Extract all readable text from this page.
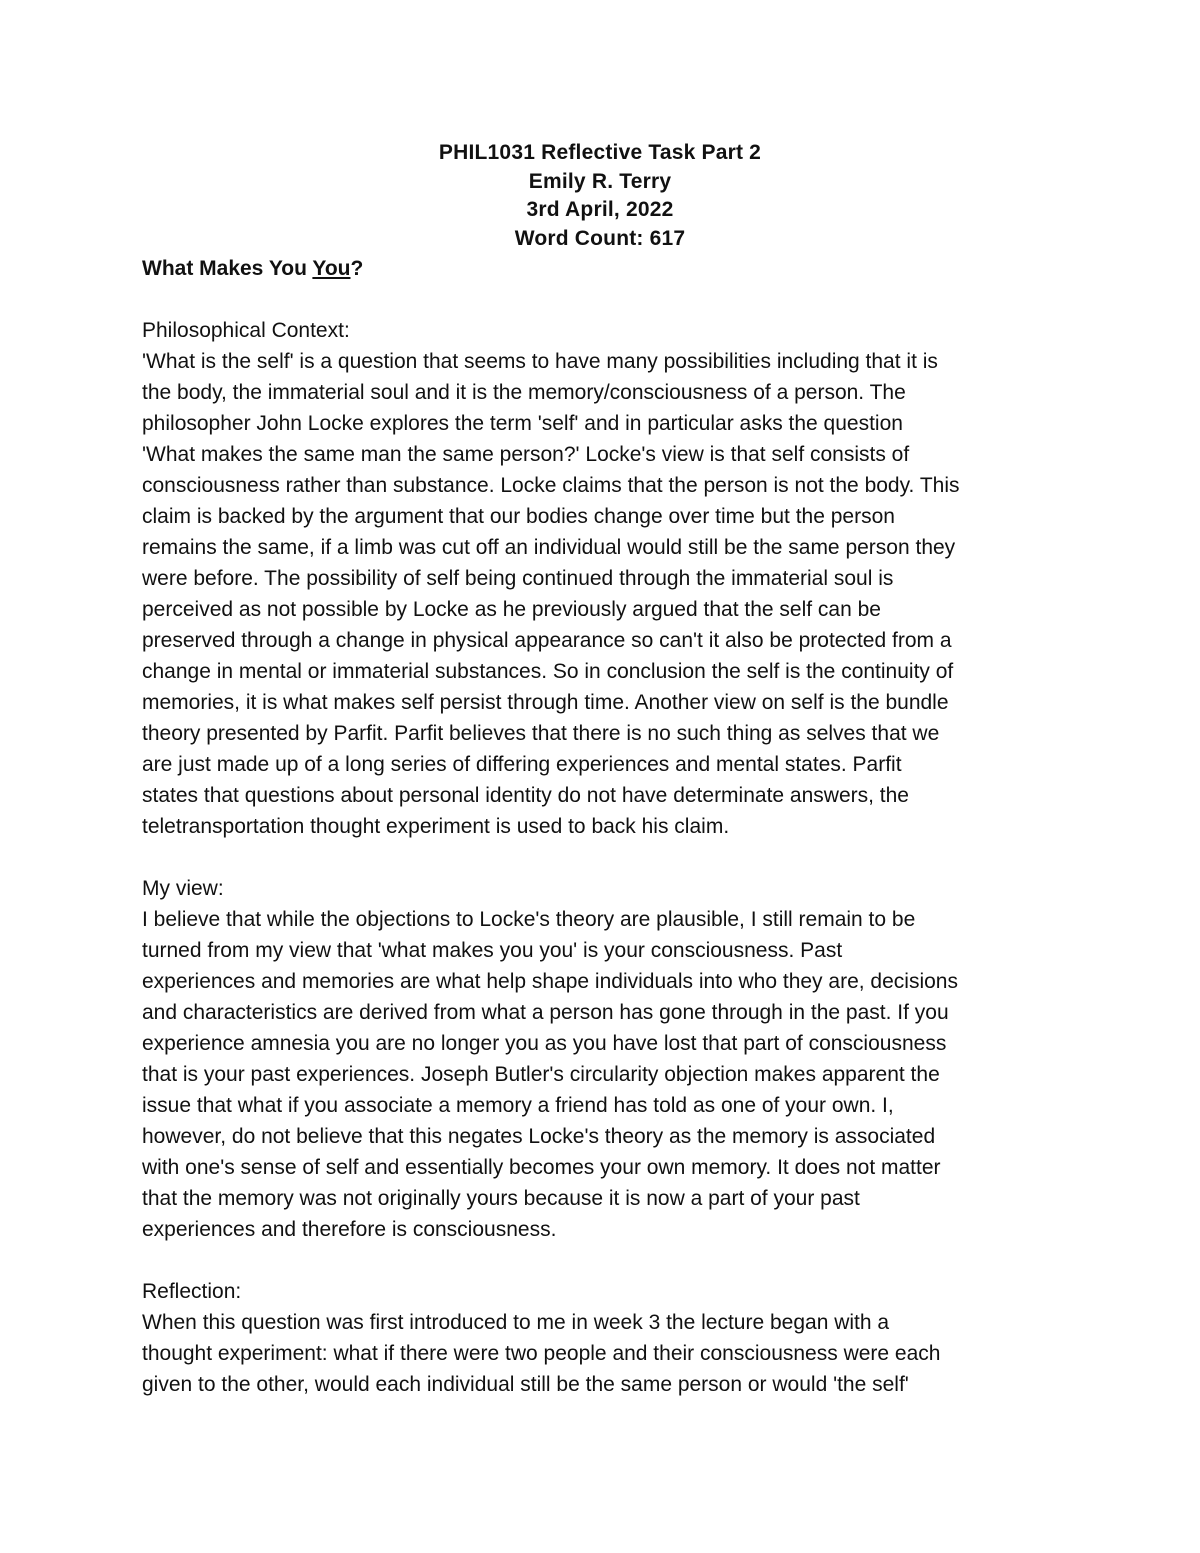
PHIL1031 Reflective Task Part 2
Emily R. Terry
3rd April, 2022
Word Count: 617
What Makes You You?
Philosophical Context:
'What is the self' is a question that seems to have many possibilities including that it is
the body, the immaterial soul and it is the memory/consciousness of a person. The
philosopher John Locke explores the term 'self' and in particular asks the question
'What makes the same man the same person?' Locke's view is that self consists of
consciousness rather than substance. Locke claims that the person is not the body. This
claim is backed by the argument that our bodies change over time but the person
remains the same, if a limb was cut off an individual would still be the same person they
were before. The possibility of self being continued through the immaterial soul is
perceived as not possible by Locke as he previously argued that the self can be
preserved through a change in physical appearance so can't it also be protected from a
change in mental or immaterial substances. So in conclusion the self is the continuity of
memories, it is what makes self persist through time. Another view on self is the bundle
theory presented by Parfit. Parfit believes that there is no such thing as selves that we
are just made up of a long series of differing experiences and mental states. Parfit
states that questions about personal identity do not have determinate answers, the
teletransportation thought experiment is used to back his claim.
My view:
I believe that while the objections to Locke's theory are plausible, I still remain to be
turned from my view that 'what makes you you' is your consciousness. Past
experiences and memories are what help shape individuals into who they are, decisions
and characteristics are derived from what a person has gone through in the past. If you
experience amnesia you are no longer you as you have lost that part of consciousness
that is your past experiences. Joseph Butler's circularity objection makes apparent the
issue that what if you associate a memory a friend has told as one of your own. I,
however, do not believe that this negates Locke's theory as the memory is associated
with one's sense of self and essentially becomes your own memory. It does not matter
that the memory was not originally yours because it is now a part of your past
experiences and therefore is consciousness.
Reflection:
When this question was first introduced to me in week 3 the lecture began with a
thought experiment: what if there were two people and their consciousness were each
given to the other, would each individual still be the same person or would 'the self'
